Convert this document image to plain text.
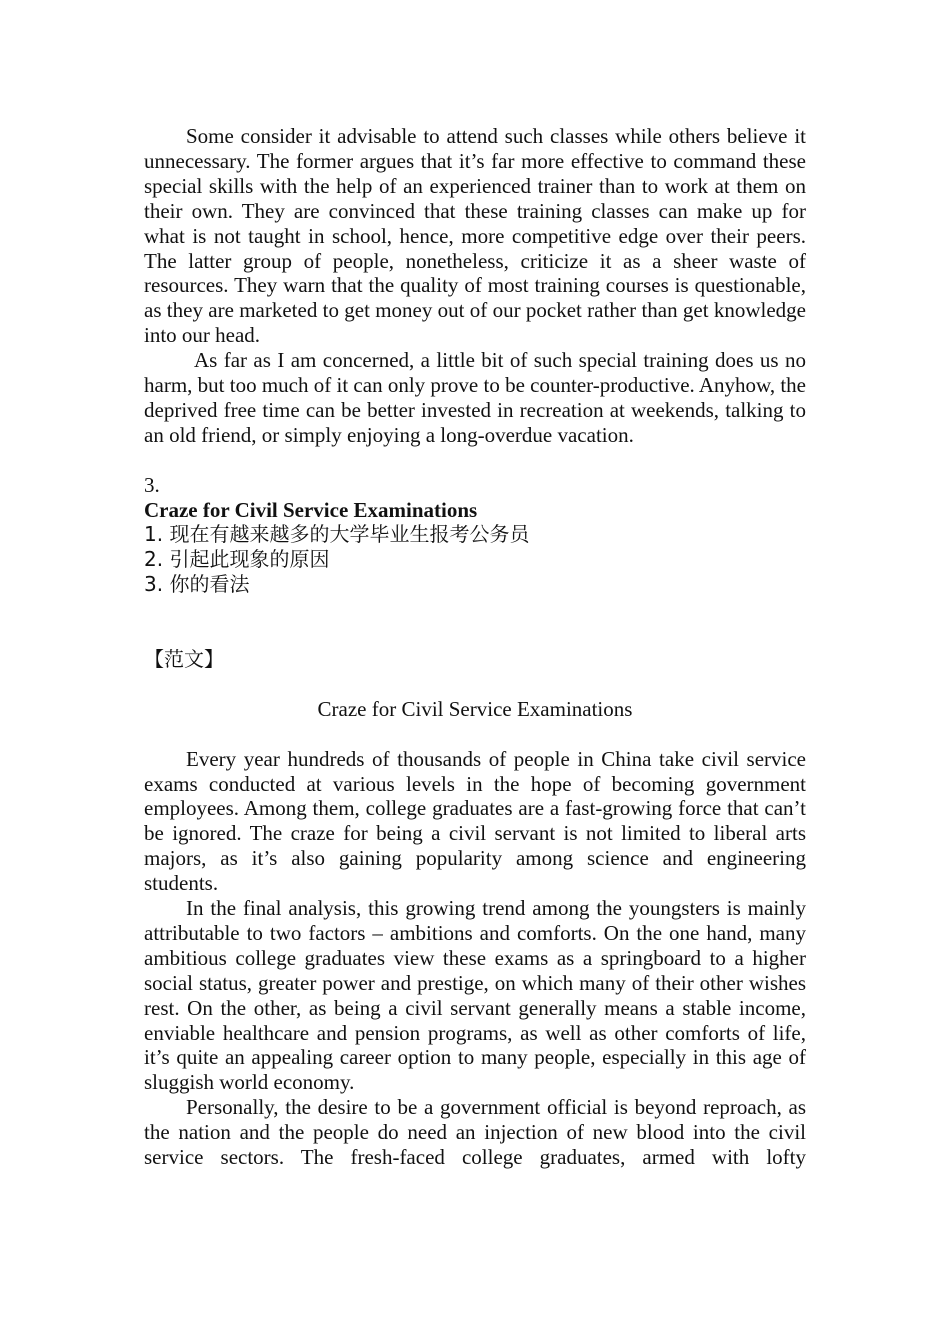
Some consider it advisable to attend such classes while others believe it unnecessary. The former argues that it’s far more effective to command these special skills with the help of an experienced trainer than to work at them on their own. They are convinced that these training classes can make up for what is not taught in school, hence, more competitive edge over their peers. The latter group of people, nonetheless, criticize it as a sheer waste of resources. They warn that the quality of most training courses is questionable, as they are marketed to get money out of our pocket rather than get knowledge into our head.

As far as I am concerned, a little bit of such special training does us no harm, but too much of it can only prove to be counter-productive. Anyhow, the deprived free time can be better invested in recreation at weekends, talking to an old friend, or simply enjoying a long-overdue vacation.

3.

Craze for Civil Service Examinations

1. 现在有越来越多的大学毕业生报考公务员

2. 引起此现象的原因

3. 你的看法

【范文】

Craze for Civil Service Examinations

Every year hundreds of thousands of people in China take civil service exams conducted at various levels in the hope of becoming government employees. Among them, college graduates are a fast-growing force that can’t be ignored. The craze for being a civil servant is not limited to liberal arts majors, as it’s also gaining popularity among science and engineering students.

In the final analysis, this growing trend among the youngsters is mainly attributable to two factors – ambitions and comforts. On the one hand, many ambitious college graduates view these exams as a springboard to a higher social status, greater power and prestige, on which many of their other wishes rest. On the other, as being a civil servant generally means a stable income, enviable healthcare and pension programs, as well as other comforts of life, it’s quite an appealing career option to many people, especially in this age of sluggish world economy.

Personally, the desire to be a government official is beyond reproach, as the nation and the people do need an injection of new blood into the civil service sectors. The fresh-faced college graduates, armed with lofty
